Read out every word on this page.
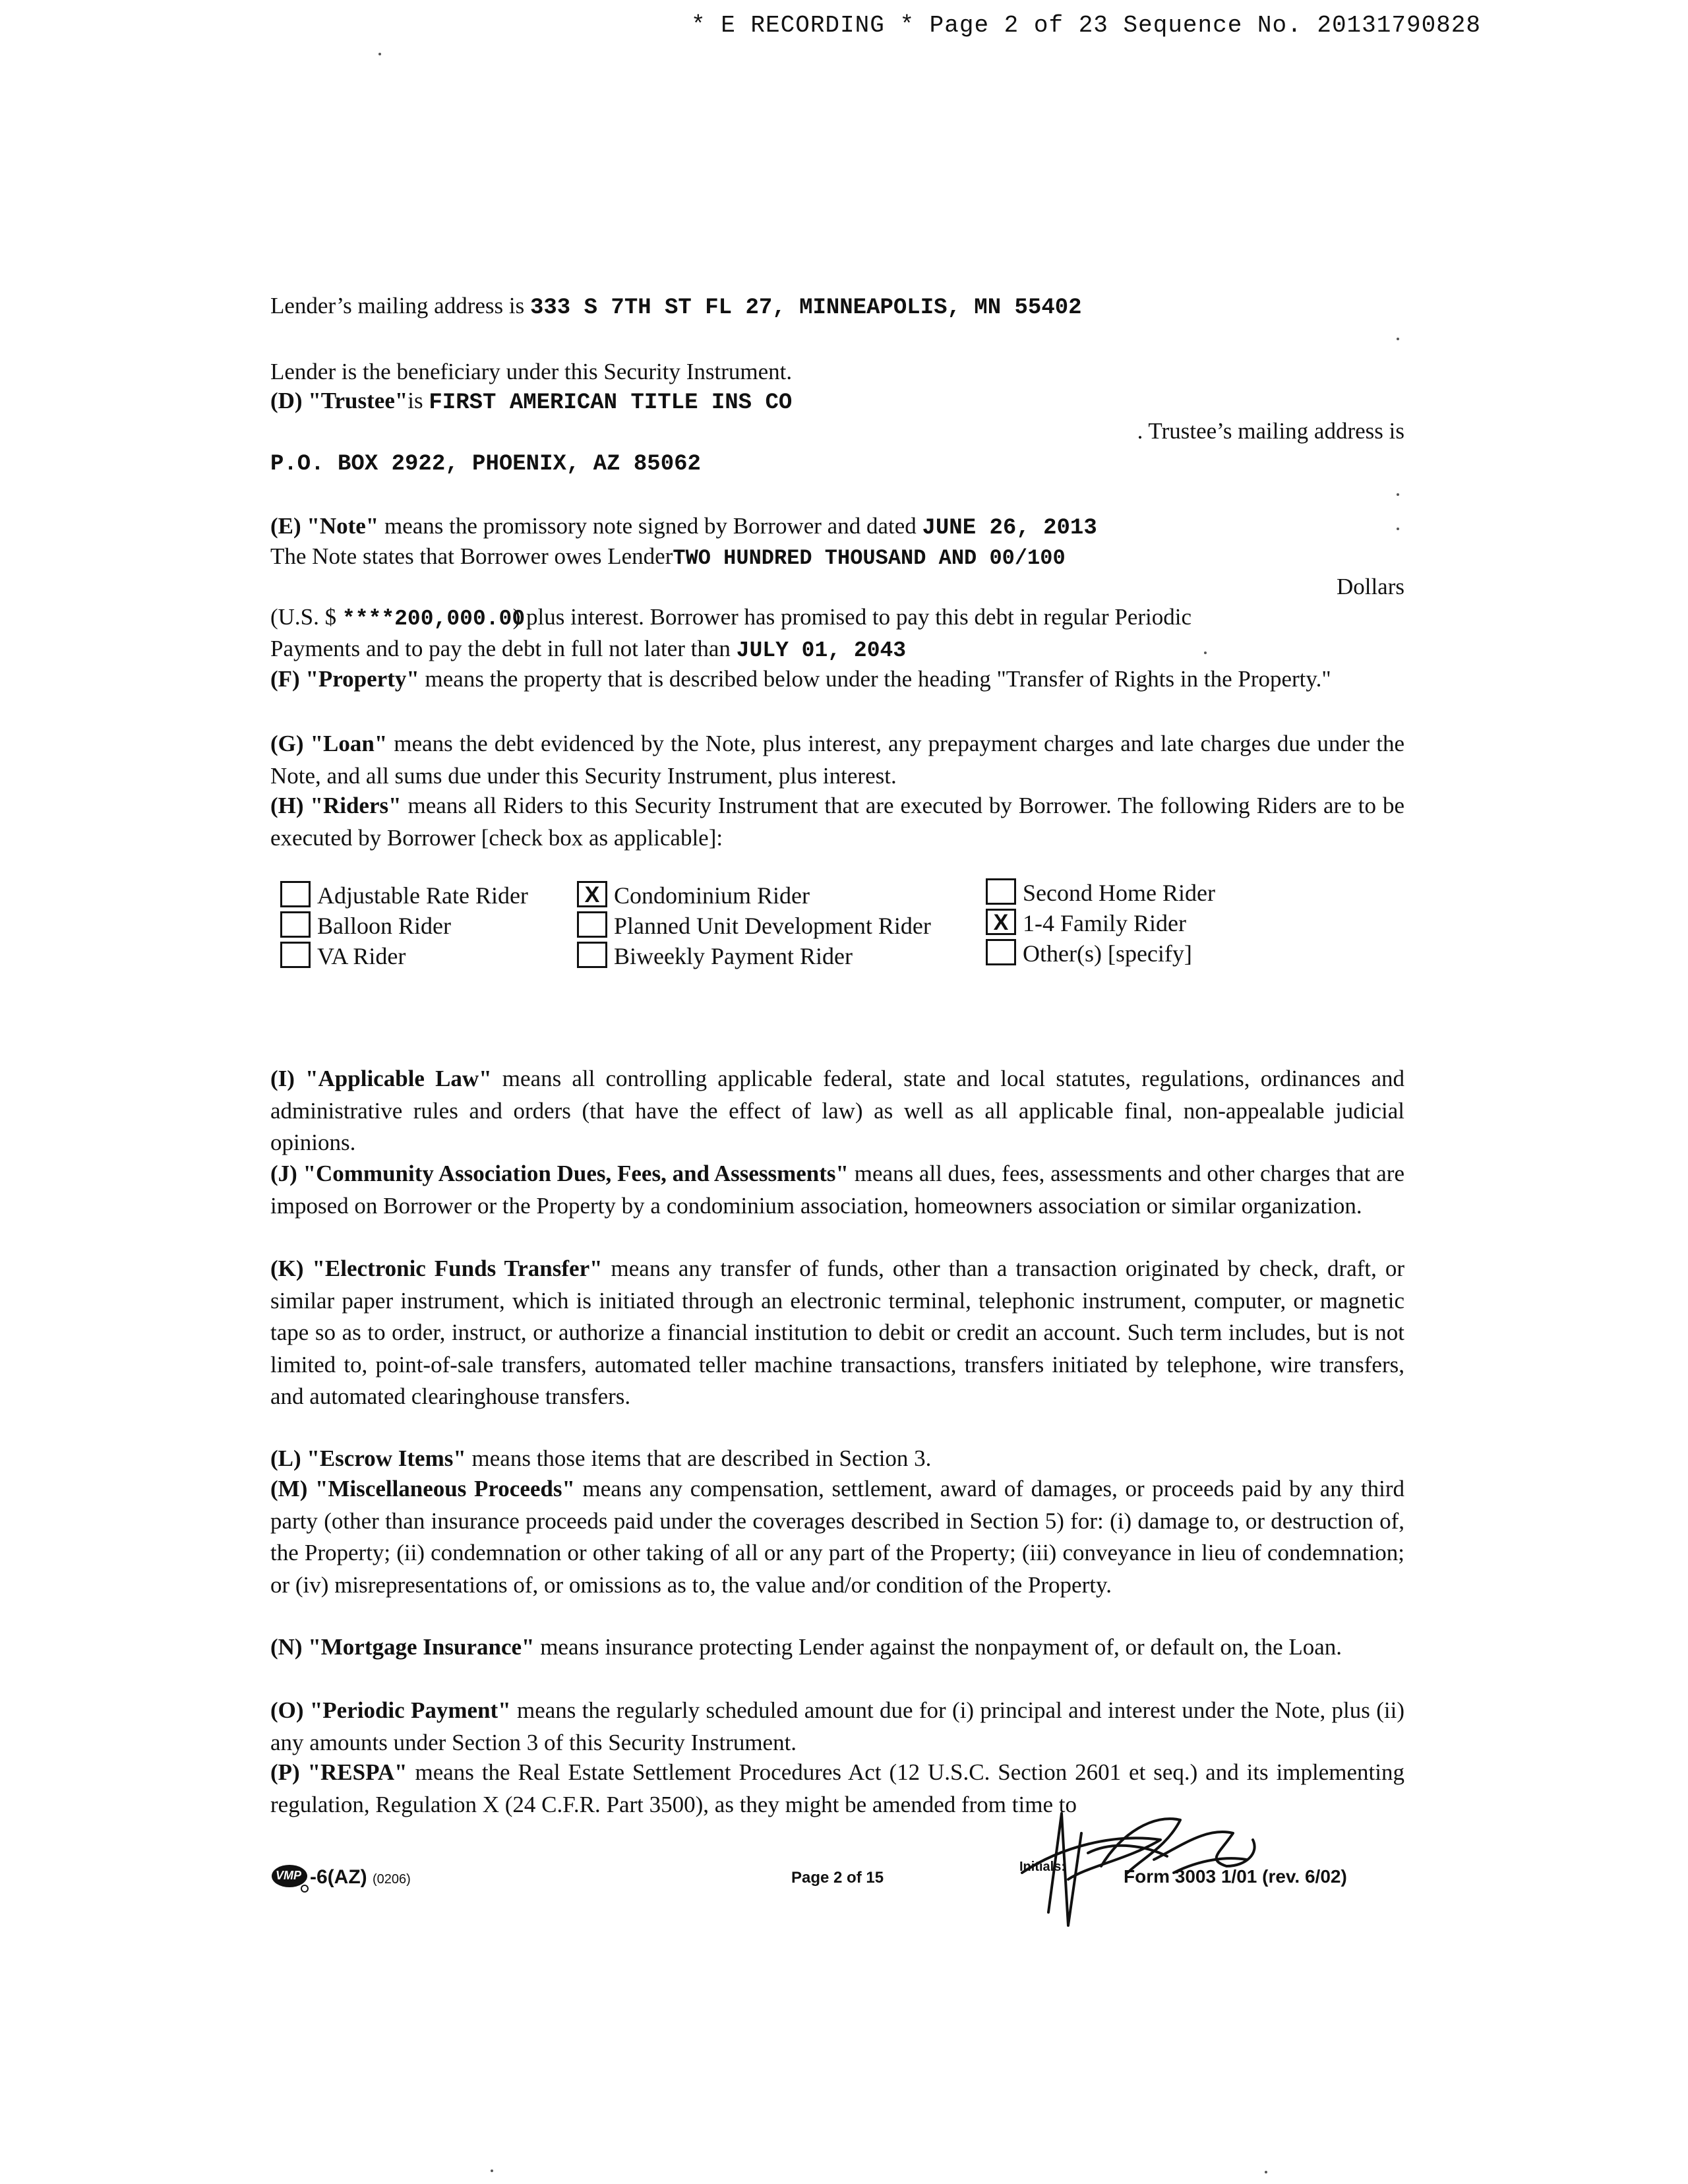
* E RECORDING * Page 2 of 23 Sequence No. 20131790828
Lender’s mailing address is 333 S 7TH ST FL 27, MINNEAPOLIS, MN 55402
Lender is the beneficiary under this Security Instrument.
(D) "Trustee"is FIRST AMERICAN TITLE INS CO
. Trustee’s mailing address is
P.O. BOX 2922, PHOENIX, AZ 85062
(E) "Note" means the promissory note signed by Borrower and dated JUNE 26, 2013
The Note states that Borrower owes LenderTWO HUNDRED THOUSAND AND 00/100
Dollars
(U.S. $ ****200,000.00 ) plus interest. Borrower has promised to pay this debt in regular Periodic
Payments and to pay the debt in full not later than JULY 01, 2043
(F) "Property" means the property that is described below under the heading "Transfer of Rights in the Property."
(G) "Loan" means the debt evidenced by the Note, plus interest, any prepayment charges and late charges due under the Note, and all sums due under this Security Instrument, plus interest.
(H) "Riders" means all Riders to this Security Instrument that are executed by Borrower. The following Riders are to be executed by Borrower [check box as applicable]:
Adjustable Rate Rider	X Condominium Rider	Second Home Rider
Balloon Rider	Planned Unit Development Rider	X 1-4 Family Rider
VA Rider	Biweekly Payment Rider	Other(s) [specify]
(I) "Applicable Law" means all controlling applicable federal, state and local statutes, regulations, ordinances and administrative rules and orders (that have the effect of law) as well as all applicable final, non-appealable judicial opinions.
(J) "Community Association Dues, Fees, and Assessments" means all dues, fees, assessments and other charges that are imposed on Borrower or the Property by a condominium association, homeowners association or similar organization.
(K) "Electronic Funds Transfer" means any transfer of funds, other than a transaction originated by check, draft, or similar paper instrument, which is initiated through an electronic terminal, telephonic instrument, computer, or magnetic tape so as to order, instruct, or authorize a financial institution to debit or credit an account. Such term includes, but is not limited to, point-of-sale transfers, automated teller machine transactions, transfers initiated by telephone, wire transfers, and automated clearinghouse transfers.
(L) "Escrow Items" means those items that are described in Section 3.
(M) "Miscellaneous Proceeds" means any compensation, settlement, award of damages, or proceeds paid by any third party (other than insurance proceeds paid under the coverages described in Section 5) for: (i) damage to, or destruction of, the Property; (ii) condemnation or other taking of all or any part of the Property; (iii) conveyance in lieu of condemnation; or (iv) misrepresentations of, or omissions as to, the value and/or condition of the Property.
(N) "Mortgage Insurance" means insurance protecting Lender against the nonpayment of, or default on, the Loan.
(O) "Periodic Payment" means the regularly scheduled amount due for (i) principal and interest under the Note, plus (ii) any amounts under Section 3 of this Security Instrument.
(P) "RESPA" means the Real Estate Settlement Procedures Act (12 U.S.C. Section 2601 et seq.) and its implementing regulation, Regulation X (24 C.F.R. Part 3500), as they might be amended from time to
VMP -6(AZ) (0206)	Page 2 of 15
Initials:	Form 3003 1/01 (rev. 6/02)
